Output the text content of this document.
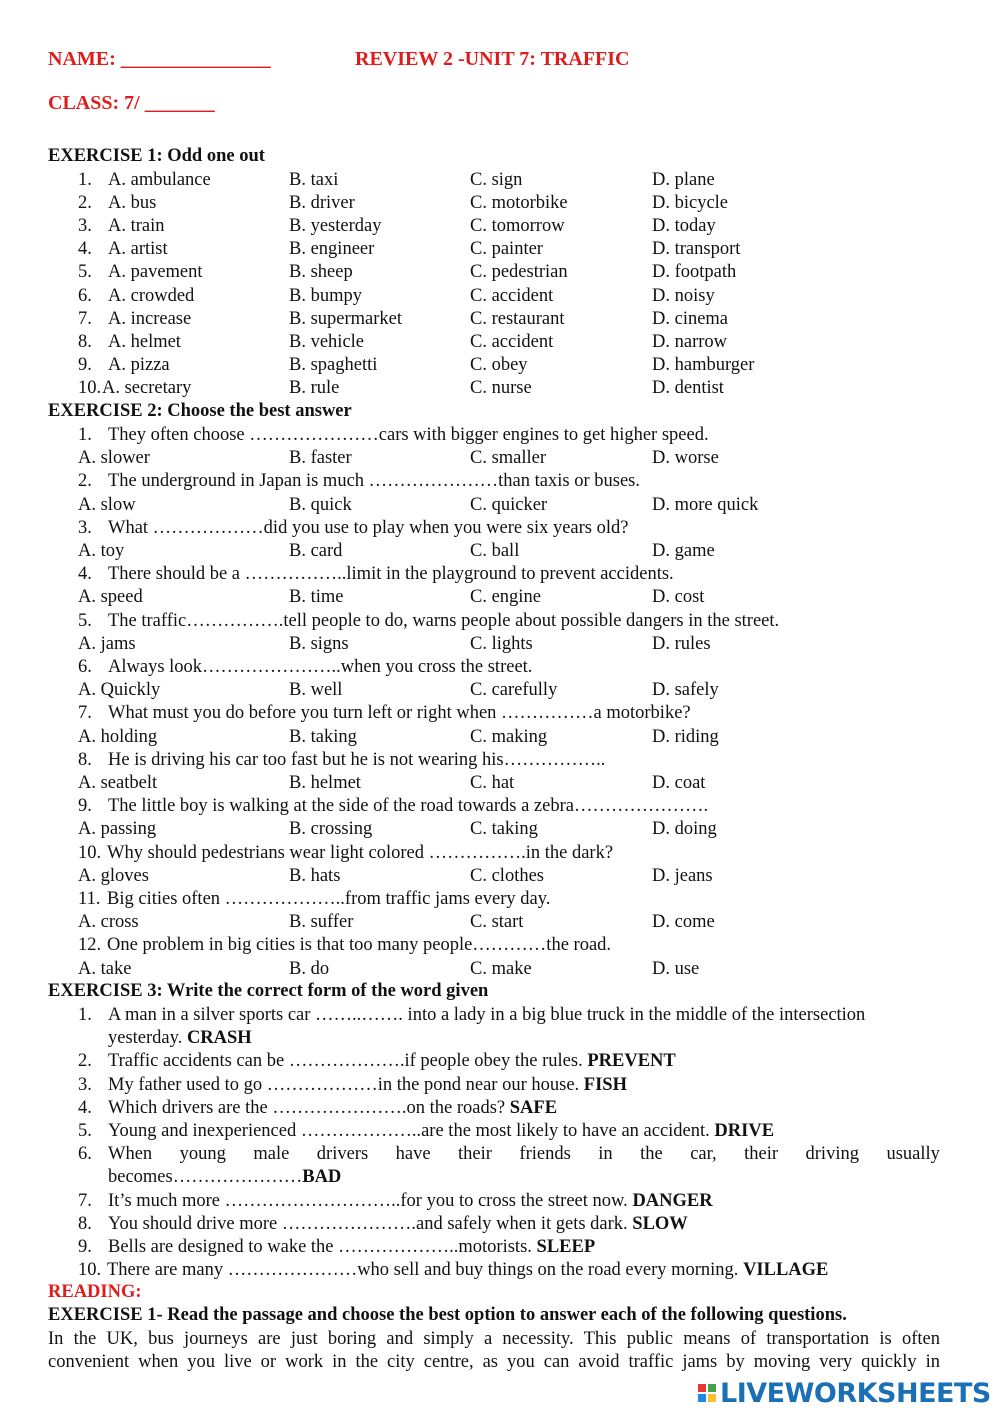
NAME: _______________	REVIEW 2 -UNIT 7: TRAFFIC
CLASS: 7/ _______
EXERCISE 1: Odd one out
1. A. ambulance	B. taxi	C. sign	D. plane
2. A. bus	B. driver	C. motorbike	D. bicycle
3. A. train	B. yesterday	C. tomorrow	D. today
4. A. artist	B. engineer	C. painter	D. transport
5. A. pavement	B. sheep	C. pedestrian	D. footpath
6. A. crowded	B. bumpy	C. accident	D. noisy
7. A. increase	B. supermarket	C. restaurant	D. cinema
8. A. helmet	B. vehicle	C. accident	D. narrow
9. A. pizza	B. spaghetti	C. obey	D. hamburger
10. A. secretary	B. rule	C. nurse	D. dentist
EXERCISE 2: Choose the best answer
1. They often choose …………………cars with bigger engines to get higher speed.
A. slower	B. faster	C. smaller	D. worse
2. The underground in Japan is much …………………than taxis or buses.
A. slow	B. quick	C. quicker	D. more quick
3. What ………………did you use to play when you were six years old?
A. toy	B. card	C. ball	D. game
4. There should be a ……………..limit in the playground to prevent accidents.
A. speed	B. time	C. engine	D. cost
5. The traffic…………….tell people to do, warns people about possible dangers in the street.
A. jams	B. signs	C. lights	D. rules
6. Always look…………………..when you cross the street.
A. Quickly	B. well	C. carefully	D. safely
7. What must you do before you turn left or right when ……………a motorbike?
A. holding	B. taking	C. making	D. riding
8. He is driving his car too fast but he is not wearing his……………..
A. seatbelt	B. helmet	C. hat	D. coat
9. The little boy is walking at the side of the road towards a zebra………………….
A. passing	B. crossing	C. taking	D. doing
10. Why should pedestrians wear light colored …………….in the dark?
A. gloves	B. hats	C. clothes	D. jeans
11. Big cities often ………………..from traffic jams every day.
A. cross	B. suffer	C. start	D. come
12. One problem in big cities is that too many people…………the road.
A. take	B. do	C. make	D. use
EXERCISE 3: Write the correct form of the word given
1. A man in a silver sports car ……..……. into a lady in a big blue truck in the middle of the intersection
yesterday. CRASH
2. Traffic accidents can be ……………….if people obey the rules. PREVENT
3. My father used to go ………………in the pond near our house. FISH
4. Which drivers are the ………………….on the roads? SAFE
5. Young and inexperienced ………………..are the most likely to have an accident. DRIVE
6. When young male drivers have their friends in the car, their driving usually
becomes…………………BAD
7. It’s much more ………………………..for you to cross the street now. DANGER
8. You should drive more ………………….and safely when it gets dark. SLOW
9. Bells are designed to wake the ………………..motorists. SLEEP
10. There are many …………………who sell and buy things on the road every morning. VILLAGE
READING:
EXERCISE 1- Read the passage and choose the best option to answer each of the following questions.
In the UK, bus journeys are just boring and simply a necessity. This public means of transportation is often
convenient when you live or work in the city centre, as you can avoid traffic jams by moving very quickly in
LIVEWORKSHEETS
